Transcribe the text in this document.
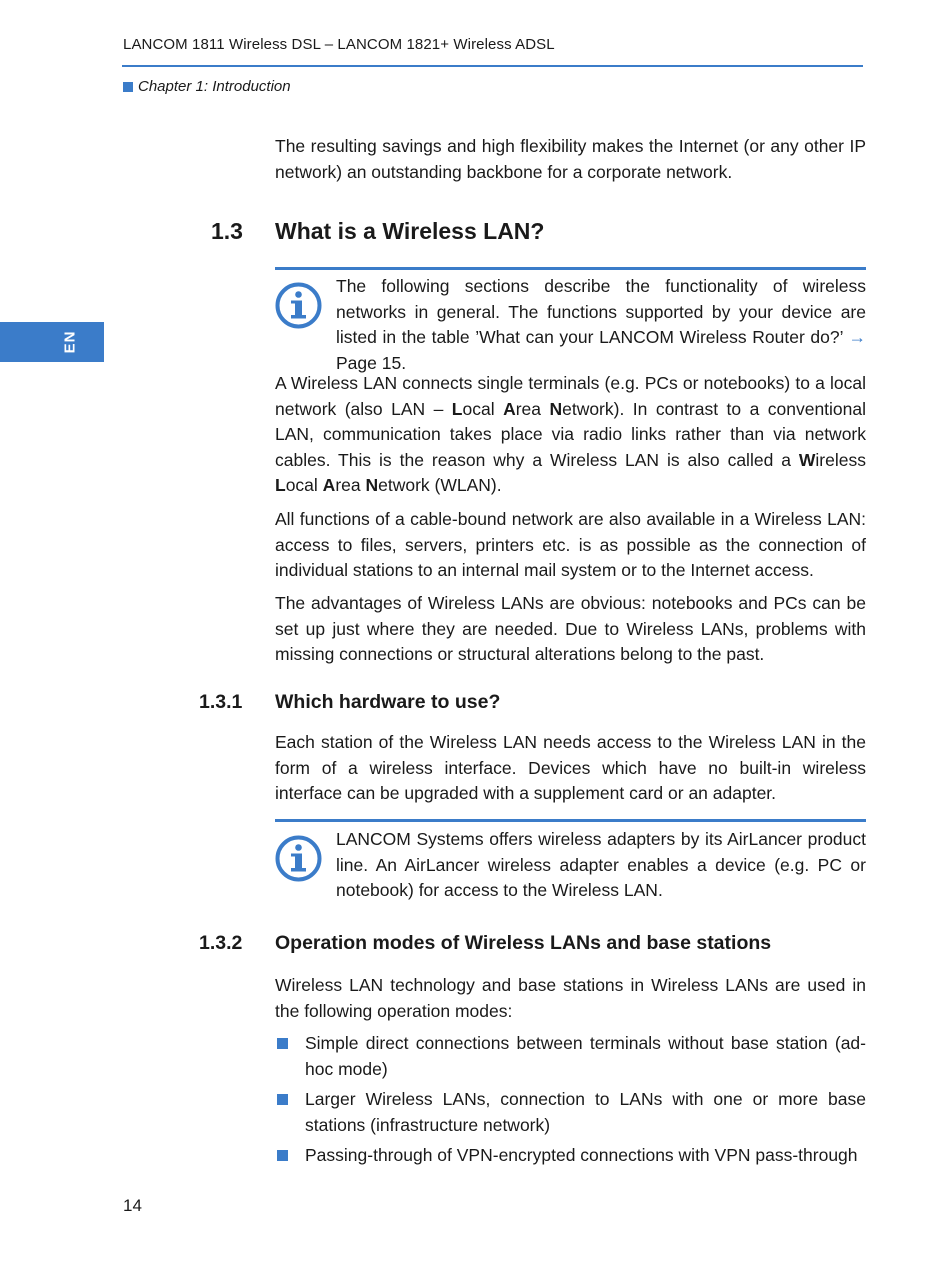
LANCOM 1811 Wireless DSL – LANCOM 1821+ Wireless ADSL
Chapter 1: Introduction
EN
The resulting savings and high flexibility makes the Internet (or any other IP network) an outstanding backbone for a corporate network.
1.3 What is a Wireless LAN?
The following sections describe the functionality of wireless networks in general. The functions supported by your device are listed in the table ’What can your LANCOM Wireless Router do?’ → Page 15.
A Wireless LAN connects single terminals (e.g. PCs or notebooks) to a local network (also LAN – Local Area Network). In contrast to a conventional LAN, communication takes place via radio links rather than via network cables. This is the reason why a Wireless LAN is also called a Wireless Local Area Network (WLAN).
All functions of a cable-bound network are also available in a Wireless LAN: access to files, servers, printers etc. is as possible as the connection of individual stations to an internal mail system or to the Internet access.
The advantages of Wireless LANs are obvious: notebooks and PCs can be set up just where they are needed. Due to Wireless LANs, problems with missing connections or structural alterations belong to the past.
1.3.1 Which hardware to use?
Each station of the Wireless LAN needs access to the Wireless LAN in the form of a wireless interface. Devices which have no built-in wireless interface can be upgraded with a supplement card or an adapter.
LANCOM Systems offers wireless adapters by its AirLancer product line. An AirLancer wireless adapter enables a device (e.g. PC or notebook) for access to the Wireless LAN.
1.3.2 Operation modes of Wireless LANs and base stations
Wireless LAN technology and base stations in Wireless LANs are used in the following operation modes:
Simple direct connections between terminals without base station (ad-hoc mode)
Larger Wireless LANs, connection to LANs with one or more base stations (infrastructure network)
Passing-through of VPN-encrypted connections with VPN pass-through
14
